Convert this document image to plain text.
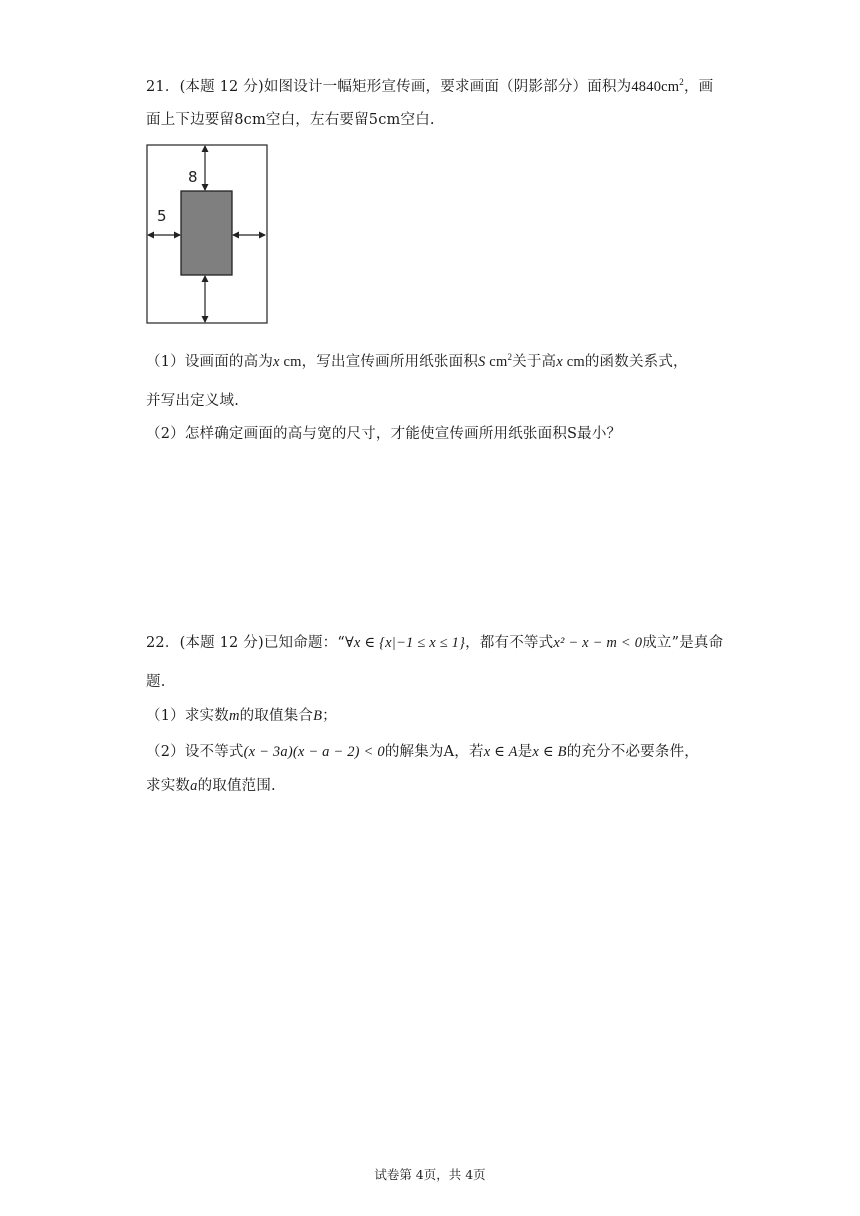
21．(本题 12 分)如图设计一幅矩形宣传画，要求画面（阴影部分）面积为$4840cm^2$，画
面上下边要留8cm空白，左右要留5cm空白.
8
5
（1）设画面的高为x cm，写出宣传画所用纸张面积S $cm^2$关于高x cm的函数关系式，
并写出定义域.
（2）怎样确定画面的高与宽的尺寸，才能使宣传画所用纸张面积S最小？
22．(本题 12 分)已知命题：“∀x ∈ {x|−1 ≤ x ≤ 1}，都有不等式x² − x − m < 0成立”是真命
题.
（1）求实数m的取值集合B；
（2）设不等式(x − 3a)(x − a − 2) < 0的解集为A，若x ∈ A是x ∈ B的充分不必要条件，
求实数a的取值范围.
试卷第 4页，共 4页
